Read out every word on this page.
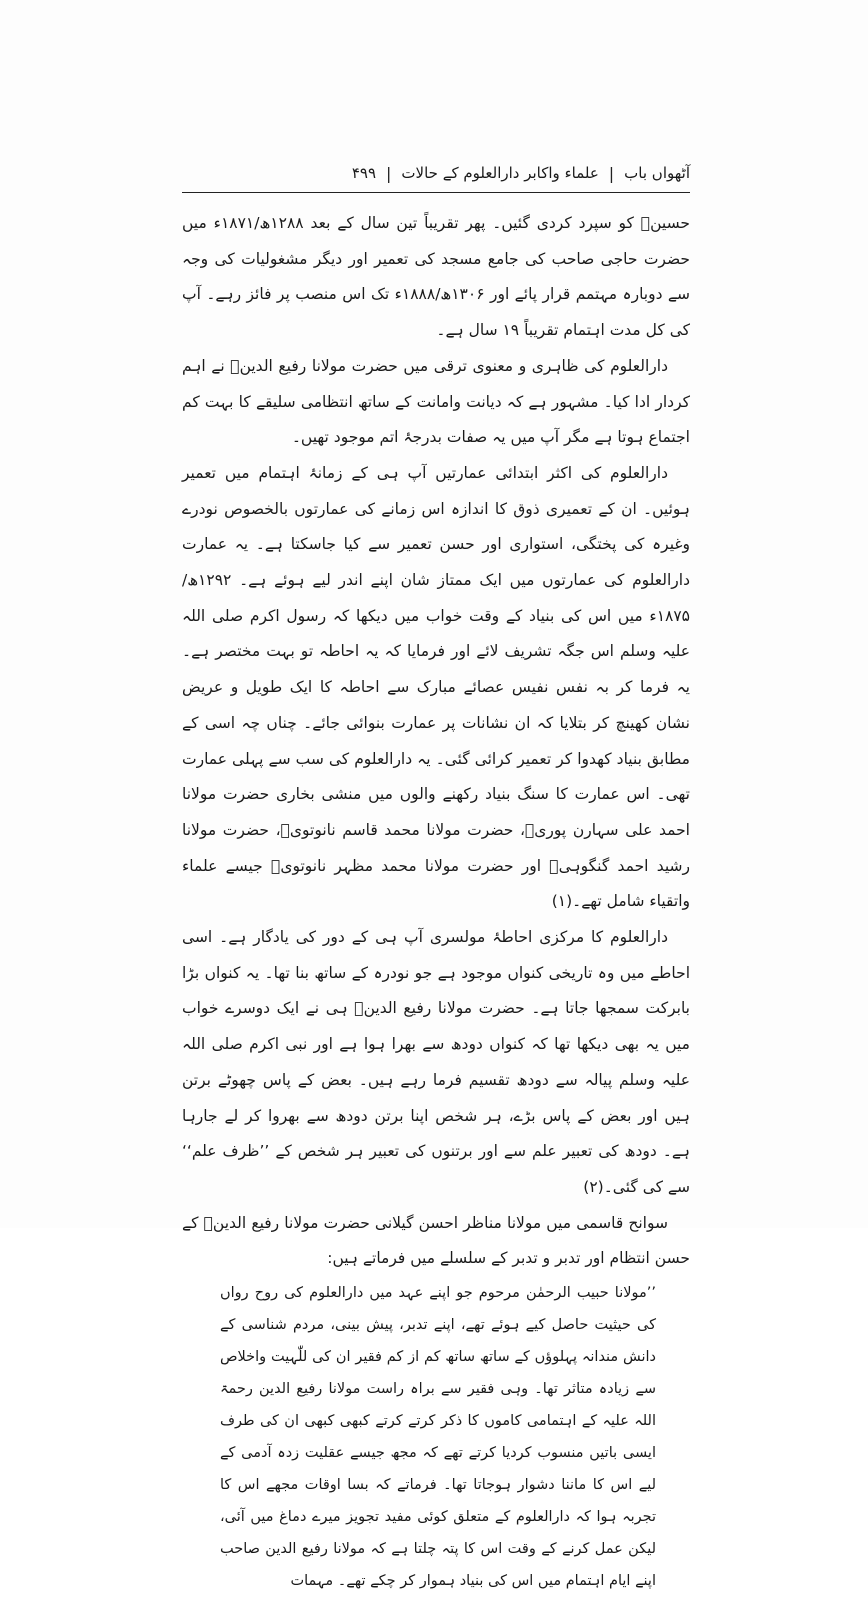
آٹھواں باب
|
علماء واکابر دارالعلوم کے حالات
|
۴۹۹

حسینؒ کو سپرد کردی گئیں۔ پھر تقریباً تین سال کے بعد ۱۲۸۸ھ/۱۸۷۱ء میں حضرت حاجی صاحب کی جامع مسجد کی تعمیر اور دیگر مشغولیات کی وجہ سے دوبارہ مہتمم قرار پائے اور ۱۳۰۶ھ/۱۸۸۸ء تک اس منصب پر فائز رہے۔ آپ کی کل مدت اہتمام تقریباً ۱۹ سال ہے۔

دارالعلوم کی ظاہری و معنوی ترقی میں حضرت مولانا رفیع الدینؒ نے اہم کردار ادا کیا۔ مشہور ہے کہ دیانت وامانت کے ساتھ انتظامی سلیقے کا بہت کم اجتماع ہوتا ہے مگر آپ میں یہ صفات بدرجۂ اتم موجود تھیں۔

دارالعلوم کی اکثر ابتدائی عمارتیں آپ ہی کے زمانۂ اہتمام میں تعمیر ہوئیں۔ ان کے تعمیری ذوق کا اندازہ اس زمانے کی عمارتوں بالخصوص نودرے وغیرہ کی پختگی، استواری اور حسن تعمیر سے کیا جاسکتا ہے۔ یہ عمارت دارالعلوم کی عمارتوں میں ایک ممتاز شان اپنے اندر لیے ہوئے ہے۔ ۱۲۹۲ھ/۱۸۷۵ء میں اس کی بنیاد کے وقت خواب میں دیکھا کہ رسول اکرم صلی اللہ علیہ وسلم اس جگہ تشریف لائے اور فرمایا کہ یہ احاطہ تو بہت مختصر ہے۔ یہ فرما کر بہ نفس نفیس عصائے مبارک سے احاطہ کا ایک طویل و عریض نشان کھینچ کر بتلایا کہ ان نشانات پر عمارت بنوائی جائے۔ چناں چہ اسی کے مطابق بنیاد کھدوا کر تعمیر کرائی گئی۔ یہ دارالعلوم کی سب سے پہلی عمارت تھی۔ اس عمارت کا سنگ بنیاد رکھنے والوں میں منشی بخاری حضرت مولانا احمد علی سہارن پوریؒ، حضرت مولانا محمد قاسم نانوتویؒ، حضرت مولانا رشید احمد گنگوہیؒ اور حضرت مولانا محمد مظہر نانوتویؒ جیسے علماء واتقیاء شامل تھے۔(۱)

دارالعلوم کا مرکزی احاطۂ مولسری آپ ہی کے دور کی یادگار ہے۔ اسی احاطے میں وہ تاریخی کنواں موجود ہے جو نودرہ کے ساتھ بنا تھا۔ یہ کنواں بڑا بابرکت سمجھا جاتا ہے۔ حضرت مولانا رفیع الدینؒ ہی نے ایک دوسرے خواب میں یہ بھی دیکھا تھا کہ کنواں دودھ سے بھرا ہوا ہے اور نبی اکرم صلی اللہ علیہ وسلم پیالہ سے دودھ تقسیم فرما رہے ہیں۔ بعض کے پاس چھوٹے برتن ہیں اور بعض کے پاس بڑے، ہر شخص اپنا برتن دودھ سے بھروا کر لے جارہا ہے۔ دودھ کی تعبیر علم سے اور برتنوں کی تعبیر ہر شخص کے ’’ظرف علم‘‘ سے کی گئی۔(۲)

سوانح قاسمی میں مولانا مناظر احسن گیلانی حضرت مولانا رفیع الدینؒ کے حسن انتظام اور تدبر و تدبر کے سلسلے میں فرماتے ہیں:

’’مولانا حبیب الرحمٰن مرحوم جو اپنے عہد میں دارالعلوم کی روح رواں کی حیثیت حاصل کیے ہوئے تھے، اپنے تدبر، پیش بینی، مردم شناسی کے دانش مندانہ پہلوؤں کے ساتھ ساتھ کم از کم فقیر ان کی للّٰہیت واخلاص سے زیادہ متاثر تھا۔ وہی فقیر سے براہ راست مولانا رفیع الدین رحمۃ اللہ علیہ کے اہتمامی کاموں کا ذکر کرتے کرتے کبھی کبھی ان کی طرف ایسی باتیں منسوب کردیا کرتے تھے کہ مجھ جیسے عقلیت زدہ آدمی کے لیے اس کا ماننا دشوار ہوجاتا تھا۔ فرماتے کہ بسا اوقات مجھے اس کا تجربہ ہوا کہ دارالعلوم کے متعلق کوئی مفید تجویز میرے دماغ میں آئی، لیکن عمل کرنے کے وقت اس کا پتہ چلتا ہے کہ مولانا رفیع الدین صاحب اپنے ایام اہتمام میں اس کی بنیاد ہموار کر چکے تھے۔ مہمات
